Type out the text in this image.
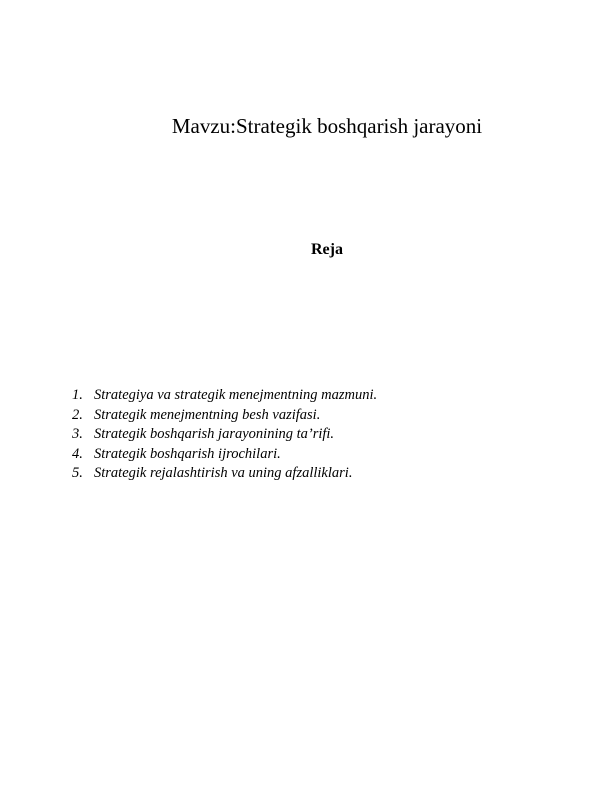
Mavzu:Strategik boshqarish jarayoni
Reja
1. Strategiya va strategik menejmentning mazmuni.
2. Strategik menejmentning besh vazifasi.
3. Strategik boshqarish jarayonining ta’rifi.
4. Strategik boshqarish ijrochilari.
5. Strategik rejalashtirish va uning afzalliklari.
